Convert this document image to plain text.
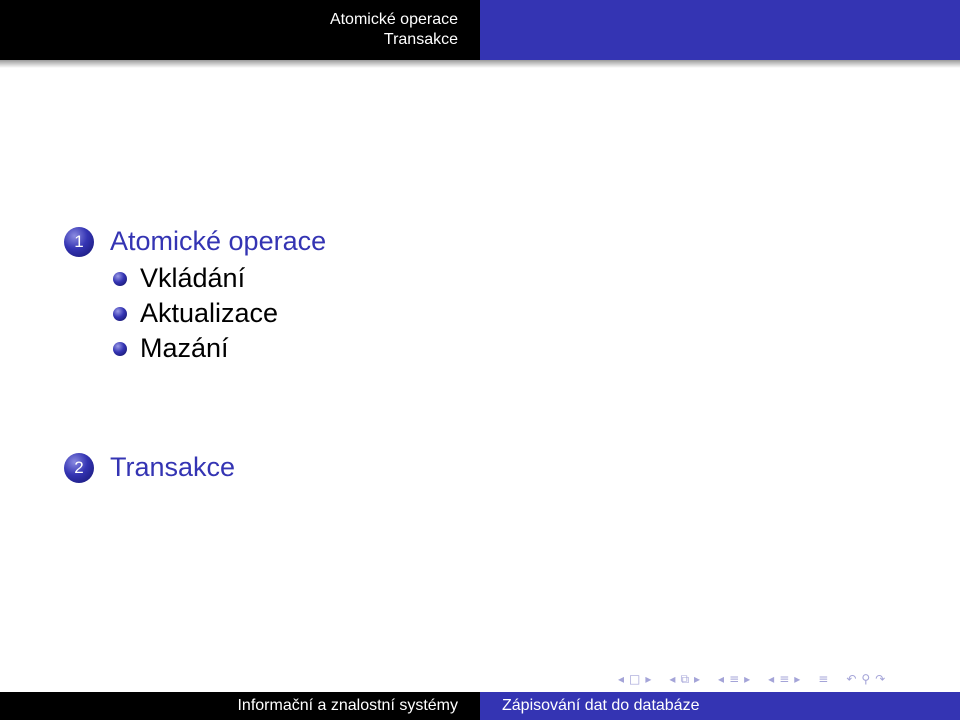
Atomické operace
Transakce
1 Atomické operace
Vkládání
Aktualizace
Mazání
2 Transakce
◂ □ ▸ ◂ ⧉ ▸ ◂ ≡ ▸ ◂ ≡ ▸ ≡ ↶ ⚲ ↷
Informační a znalostní systémy	Zápisování dat do databáze
